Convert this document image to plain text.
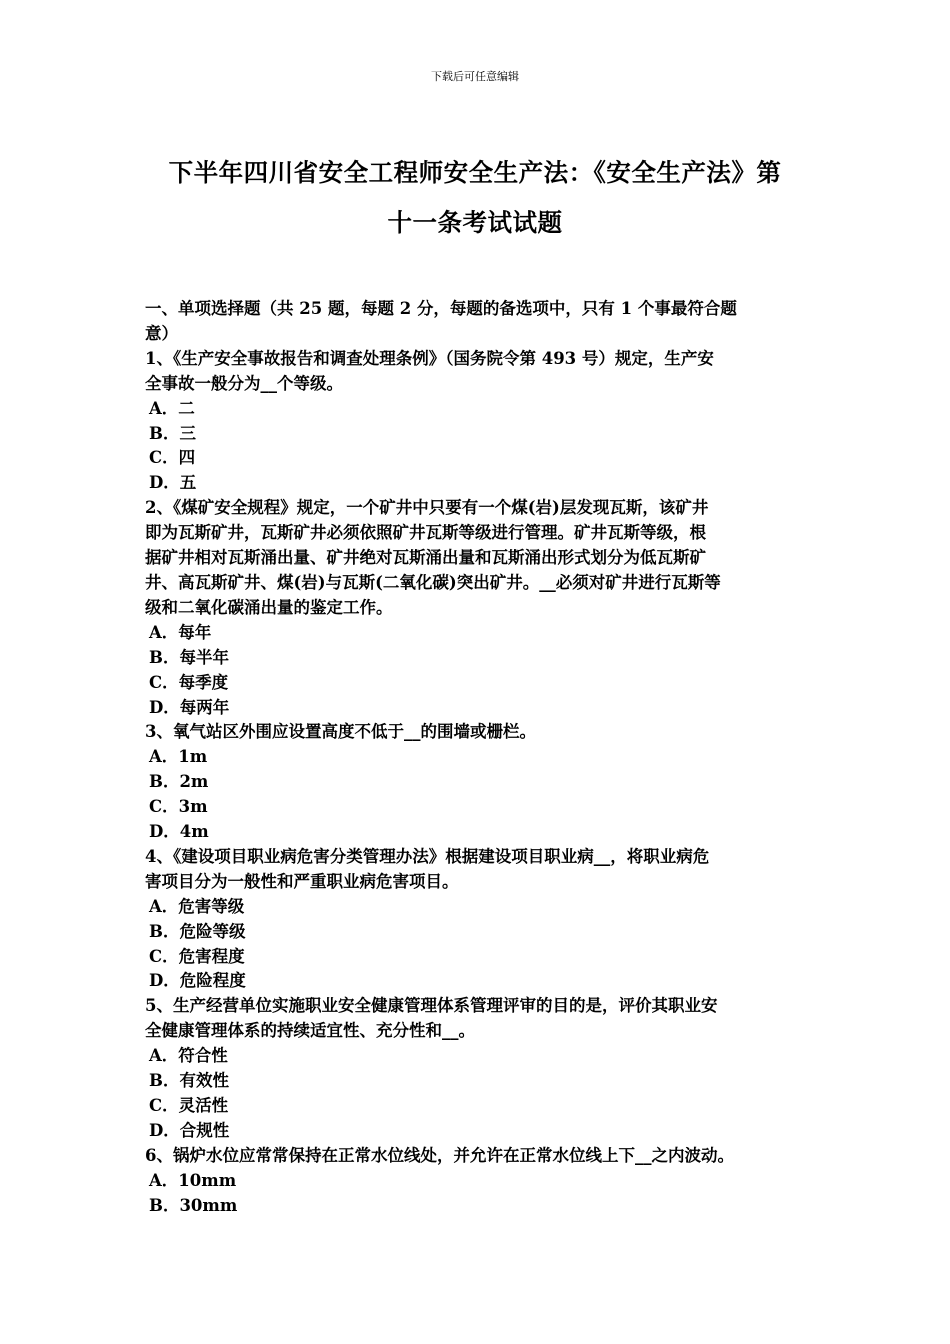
下载后可任意编辑
下半年四川省安全工程师安全生产法：《安全生产法》第
十一条考试试题
一、单项选择题（共 25 题，每题 2 分，每题的备选项中，只有 1 个事最符合题
意）
1、《生产安全事故报告和调查处理条例》（国务院令第 493 号）规定，生产安
全事故一般分为__个等级。
A．二
B．三
C．四
D．五
2、《煤矿安全规程》规定，一个矿井中只要有一个煤(岩)层发现瓦斯，该矿井
即为瓦斯矿井，瓦斯矿井必须依照矿井瓦斯等级进行管理。矿井瓦斯等级，根
据矿井相对瓦斯涌出量、矿井绝对瓦斯涌出量和瓦斯涌出形式划分为低瓦斯矿
井、高瓦斯矿井、煤(岩)与瓦斯(二氧化碳)突出矿井。__必须对矿井进行瓦斯等
级和二氧化碳涌出量的鉴定工作。
A．每年
B．每半年
C．每季度
D．每两年
3、氧气站区外围应设置高度不低于__的围墙或栅栏。
A．1m
B．2m
C．3m
D．4m
4、《建设项目职业病危害分类管理办法》根据建设项目职业病__，将职业病危
害项目分为一般性和严重职业病危害项目。
A．危害等级
B．危险等级
C．危害程度
D．危险程度
5、生产经营单位实施职业安全健康管理体系管理评审的目的是，评价其职业安
全健康管理体系的持续适宜性、充分性和__。
A．符合性
B．有效性
C．灵活性
D．合规性
6、锅炉水位应常常保持在正常水位线处，并允许在正常水位线上下__之内波动。
A．10mm
B．30mm
